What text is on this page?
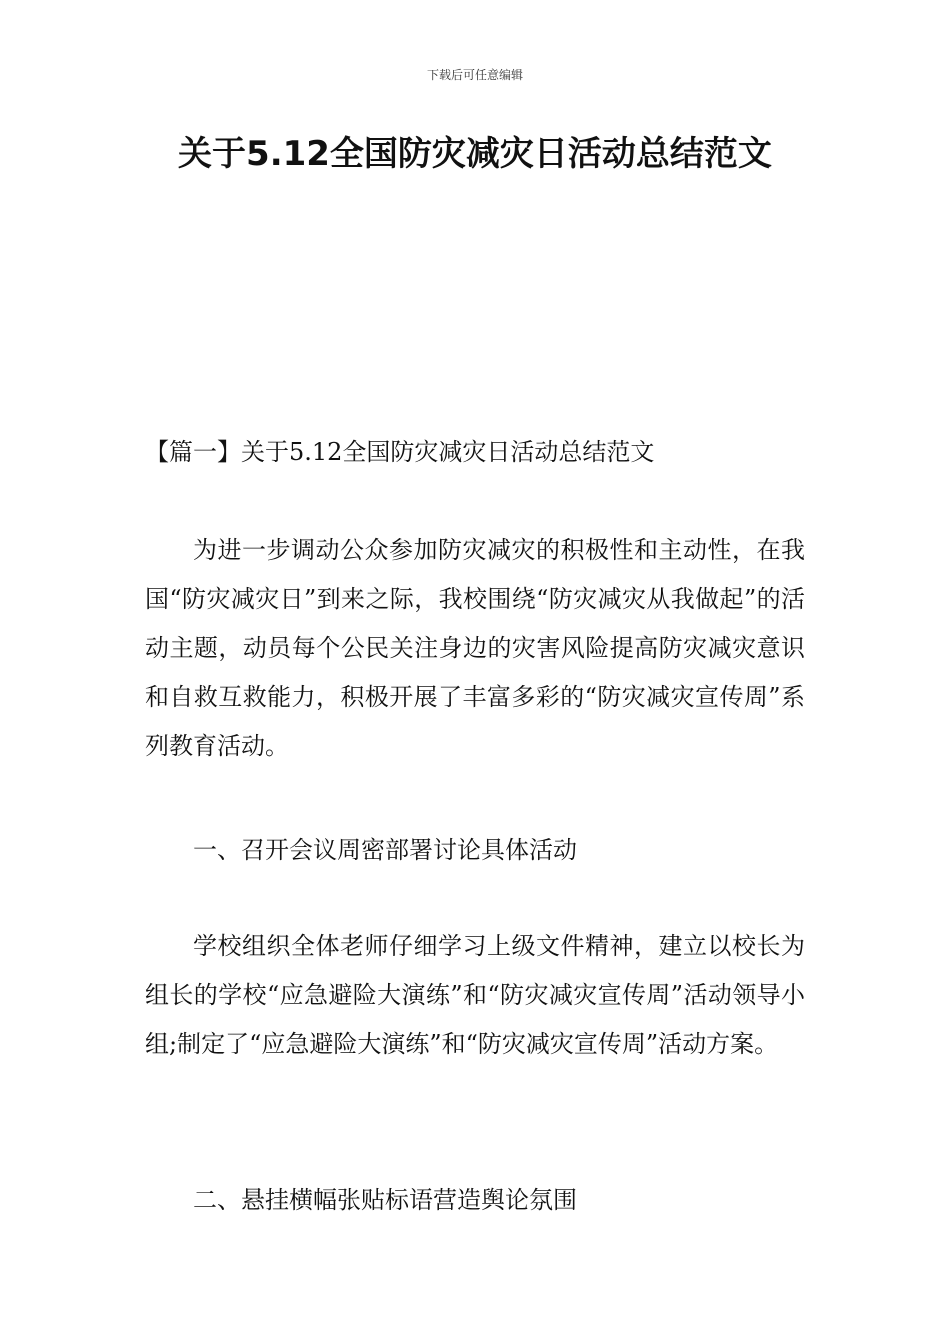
下载后可任意编辑
关于5.12全国防灾减灾日活动总结范文

【篇一】关于5.12全国防灾减灾日活动总结范文

为进一步调动公众参加防灾减灾的积极性和主动性，在我国“防灾减灾日”到来之际，我校围绕“防灾减灾从我做起”的活动主题，动员每个公民关注身边的灾害风险提高防灾减灾意识和自救互救能力，积极开展了丰富多彩的“防灾减灾宣传周”系列教育活动。

一、召开会议周密部署讨论具体活动

学校组织全体老师仔细学习上级文件精神，建立以校长为组长的学校“应急避险大演练”和“防灾减灾宣传周”活动领导小组;制定了“应急避险大演练”和“防灾减灾宣传周”活动方案。

二、悬挂横幅张贴标语营造舆论氛围
